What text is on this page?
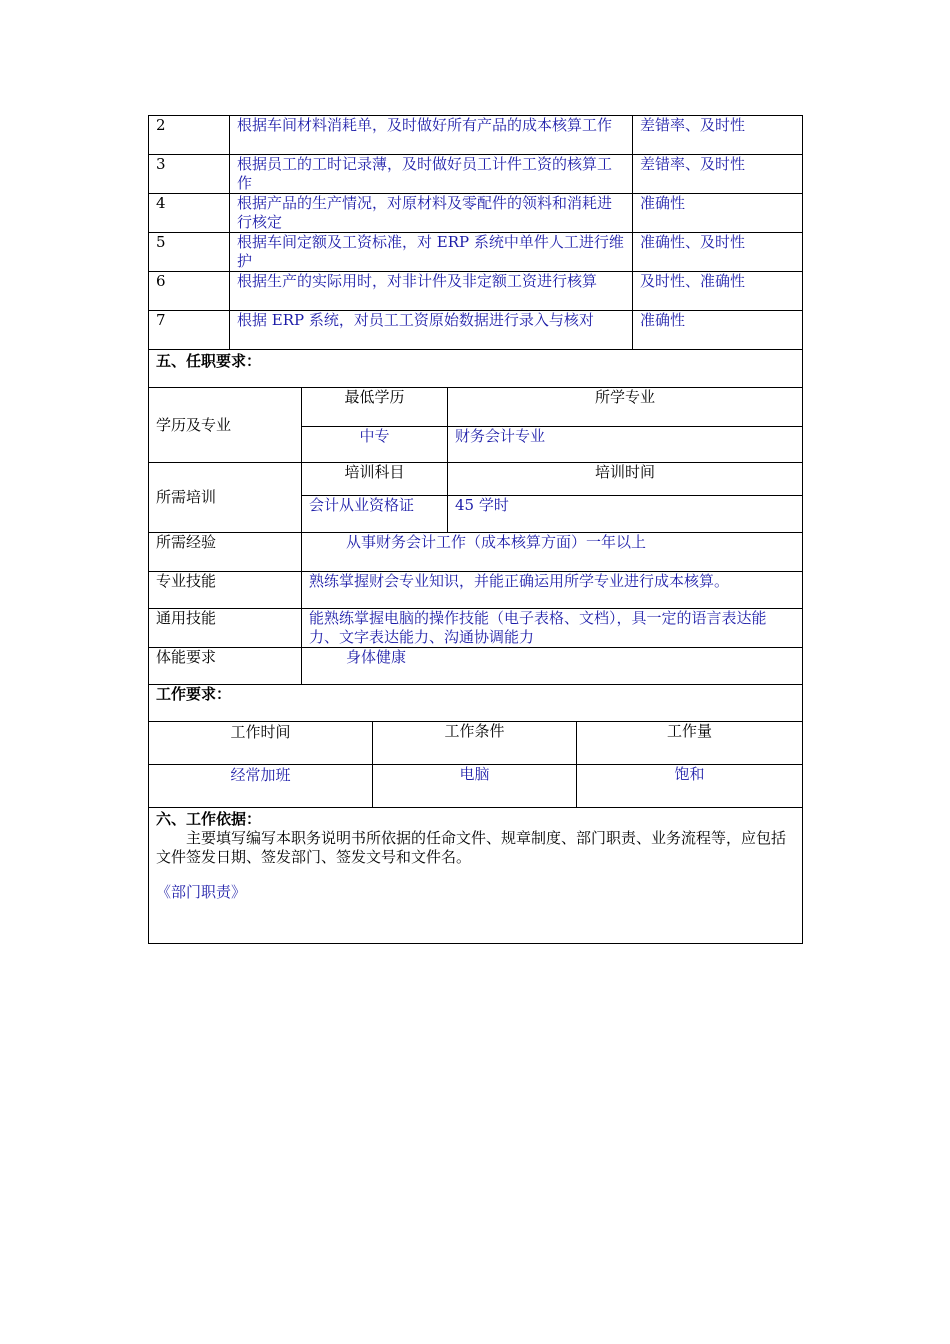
2	根据车间材料消耗单，及时做好所有产品的成本核算工作	差错率、及时性
3	根据员工的工时记录薄，及时做好员工计件工资的核算工作	差错率、及时性
4	根据产品的生产情况，对原材料及零配件的领料和消耗进行核定	准确性
5	根据车间定额及工资标准，对 ERP 系统中单件人工进行维护	准确性、及时性
6	根据生产的实际用时，对非计件及非定额工资进行核算	及时性、准确性
7	根据 ERP 系统，对员工工资原始数据进行录入与核对	准确性
五、任职要求：		
学历及专业	最低学历	所学专业
	中专	财务会计专业
所需培训	培训科目	培训时间
	会计从业资格证	45 学时
所需经验	从事财务会计工作（成本核算方面）一年以上	
专业技能	熟练掌握财会专业知识，并能正确运用所学专业进行成本核算。	
通用技能	能熟练掌握电脑的操作技能（电子表格、文档），具一定的语言表达能力、文字表达能力、沟通协调能力	
体能要求	身体健康	
工作要求：		
工作时间	工作条件	工作量
经常加班	电脑	饱和

六、工作依据：

主要填写编写本职务说明书所依据的任命文件、规章制度、部门职责、业务流程等，应包括文件签发日期、签发部门、签发文号和文件名。

《部门职责》		
